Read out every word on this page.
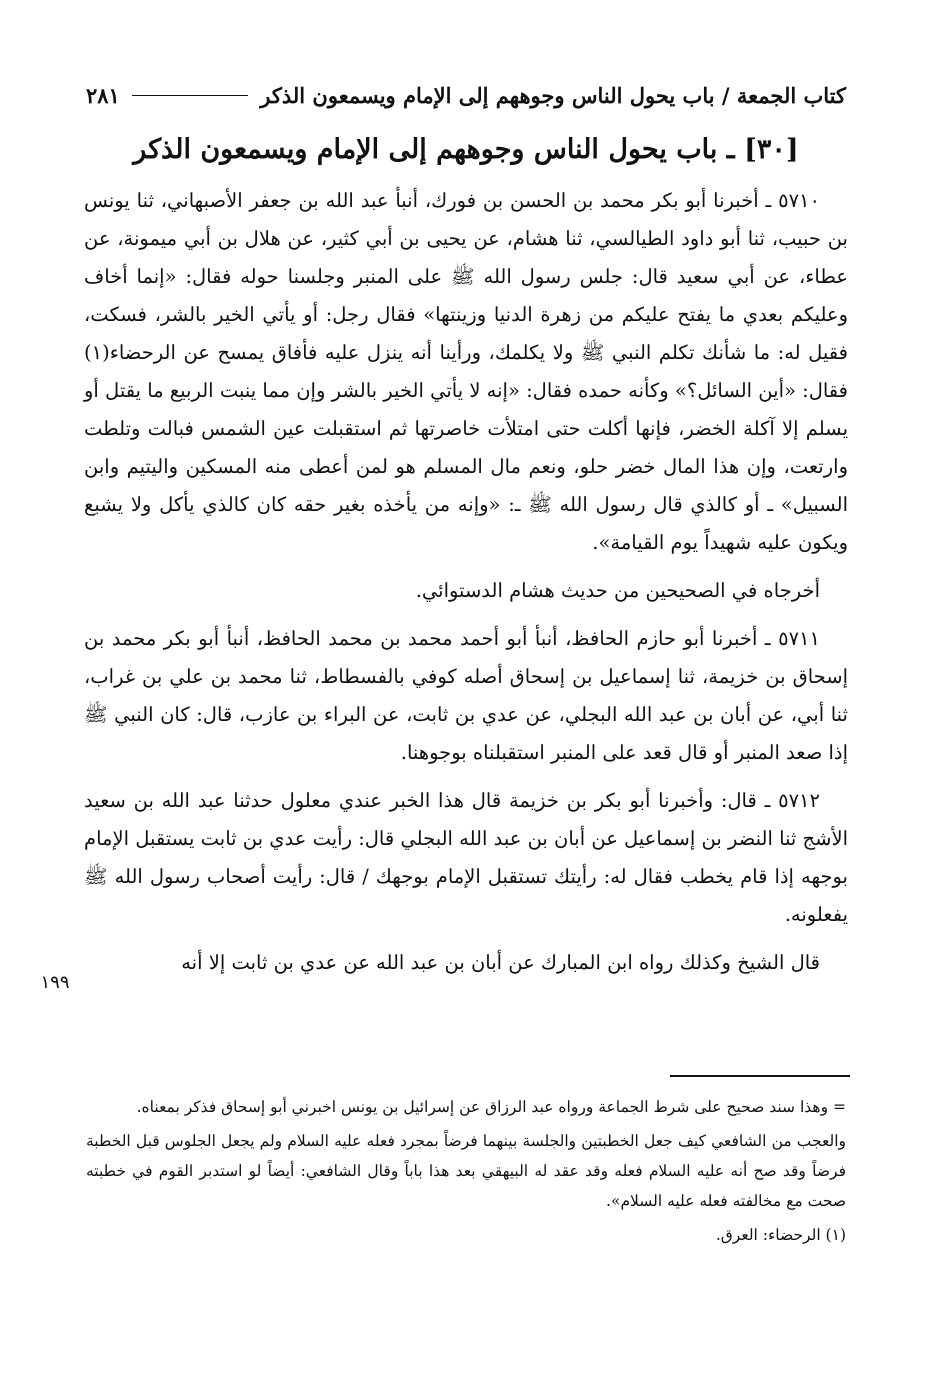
كتاب الجمعة / باب يحول الناس وجوههم إلى الإمام ويسمعون الذكر
٢٨١
[٣٠] ـ باب يحول الناس وجوههم إلى الإمام ويسمعون الذكر

٥٧١٠ ـ أخبرنا أبو بكر محمد بن الحسن بن فورك، أنبأ عبد الله بن جعفر الأصبهاني، ثنا يونس بن حبيب، ثنا أبو داود الطيالسي، ثنا هشام، عن يحيى بن أبي كثير، عن هلال بن أبي ميمونة، عن عطاء، عن أبي سعيد قال: جلس رسول الله ﷺ على المنبر وجلسنا حوله فقال: «إنما أخاف وعليكم بعدي ما يفتح عليكم من زهرة الدنيا وزينتها» فقال رجل: أو يأتي الخير بالشر، فسكت، فقيل له: ما شأنك تكلم النبي ﷺ ولا يكلمك، ورأينا أنه ينزل عليه فأفاق يمسح عن الرحضاء(١) فقال: «أين السائل؟» وكأنه حمده فقال: «إنه لا يأتي الخير بالشر وإن مما ينبت الربيع ما يقتل أو يسلم إلا آكلة الخضر، فإنها أكلت حتى امتلأت خاصرتها ثم استقبلت عين الشمس فبالت وتلطت وارتعت، وإن هذا المال خضر حلو، ونعم مال المسلم هو لمن أعطى منه المسكين واليتيم وابن السبيل» ـ أو كالذي قال رسول الله ﷺ ـ: «وإنه من يأخذه بغير حقه كان كالذي يأكل ولا يشبع ويكون عليه شهيداً يوم القيامة».

أخرجاه في الصحيحين من حديث هشام الدستوائي.

٥٧١١ ـ أخبرنا أبو حازم الحافظ، أنبأ أبو أحمد محمد بن محمد الحافظ، أنبأ أبو بكر محمد بن إسحاق بن خزيمة، ثنا إسماعيل بن إسحاق أصله كوفي بالفسطاط، ثنا محمد بن علي بن غراب، ثنا أبي، عن أبان بن عبد الله البجلي، عن عدي بن ثابت، عن البراء بن عازب، قال: كان النبي ﷺ إذا صعد المنبر أو قال قعد على المنبر استقبلناه بوجوهنا.

٥٧١٢ ـ قال: وأخبرنا أبو بكر بن خزيمة قال هذا الخبر عندي معلول حدثنا عبد الله بن سعيد الأشج ثنا النضر بن إسماعيل عن أبان بن عبد الله البجلي قال: رأيت عدي بن ثابت يستقبل الإمام بوجهه إذا قام يخطب فقال له: رأيتك تستقبل الإمام بوجهك / قال: رأيت أصحاب رسول الله ﷺ يفعلونه.

قال الشيخ وكذلك رواه ابن المبارك عن أبان بن عبد الله عن عدي بن ثابت إلا أنه

١٩٩

= وهذا سند صحيح على شرط الجماعة ورواه عبد الرزاق عن إسرائيل بن يونس اخبرني أبو إسحاق فذكر بمعناه.

والعجب من الشافعي كيف جعل الخطبتين والجلسة بينهما فرضاً بمجرد فعله عليه السلام ولم يجعل الجلوس قبل الخطبة فرضاً وقد صح أنه عليه السلام فعله وقد عقد له البيهقي بعد هذا باباً وقال الشافعي: أيضاً لو استدبر القوم في خطبته صحت مع مخالفته فعله عليه السلام».

(١) الرحضاء: العرق.
